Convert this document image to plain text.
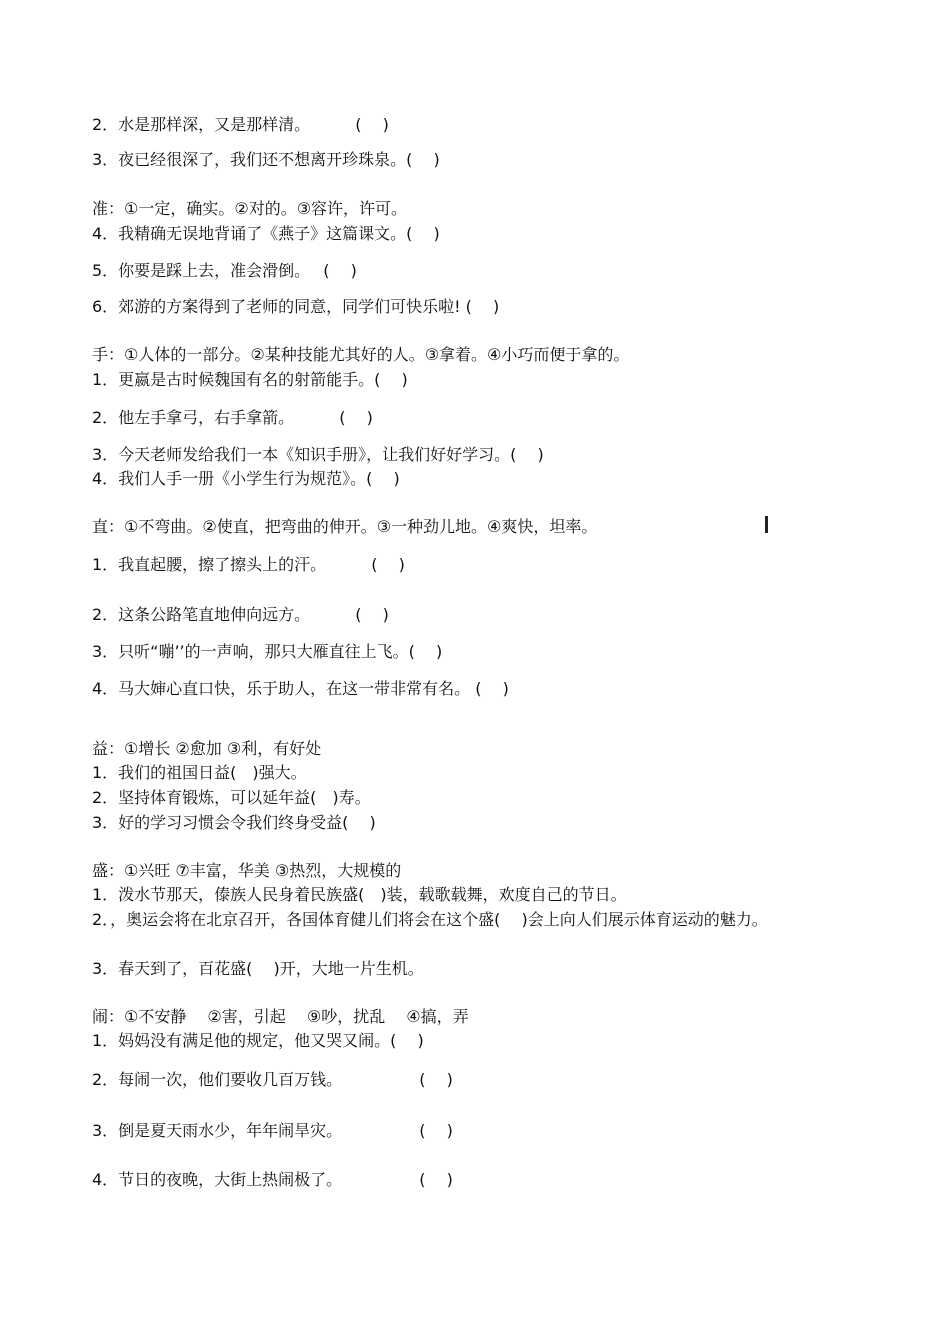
2．水是那样深，又是那样清。　　　 (　 )
3．夜已经很深了，我们还不想离开珍珠泉。(　 )
准：①一定，确实。②对的。③容许，许可。
4．我精确无误地背诵了《燕子》这篇课文。(　 )
5．你要是踩上去，准会滑倒。　 (　 )
6．郊游的方案得到了老师的同意，同学们可快乐啦! (　 )
手：①人体的一部分。②某种技能尤其好的人。③拿着。④小巧而便于拿的。
1．更嬴是古时候魏国有名的射箭能手。(　 )
2．他左手拿弓，右手拿箭。　　　 (　 )
3．今天老师发给我们一本《知识手册》，让我们好好学习。(　 )
4．我们人手一册《小学生行为规范》。(　 )
直：①不弯曲。②使直，把弯曲的伸开。③一种劲儿地。④爽快，坦率。
1．我直起腰，擦了擦头上的汗。　　　 (　 )
2．这条公路笔直地伸向远方。　　　 (　 )
3．只听“嘣’’的一声响，那只大雁直往上飞。(　 )
4．马大婶心直口快，乐于助人，在这一带非常有名。 (　 )
益：①增长 ②愈加 ③利，有好处
1．我们的祖国日益(　)强大。
2．坚持体育锻炼，可以延年益(　)寿。
3．好的学习习惯会令我们终身受益(　 )
盛：①兴旺 ⑦丰富，华美 ③热烈，大规模的
1．泼水节那天，傣族人民身着民族盛(　)装，载歌载舞，欢度自己的节日。
2．，奥运会将在北京召开，各国体育健儿们将会在这个盛(　 )会上向人们展示体育运动的魅力。
3．春天到了，百花盛(　 )开，大地一片生机。
闹：①不安静　 ②害，引起　 ⑨吵，扰乱　 ④搞，弄
1．妈妈没有满足他的规定，他又哭又闹。(　 )
2．每闹一次，他们要收几百万钱。　　　　　 (　 )
3．倒是夏天雨水少，年年闹旱灾。　　　　　 (　 )
4．节日的夜晚，大街上热闹极了。　　　　　 (　 )
